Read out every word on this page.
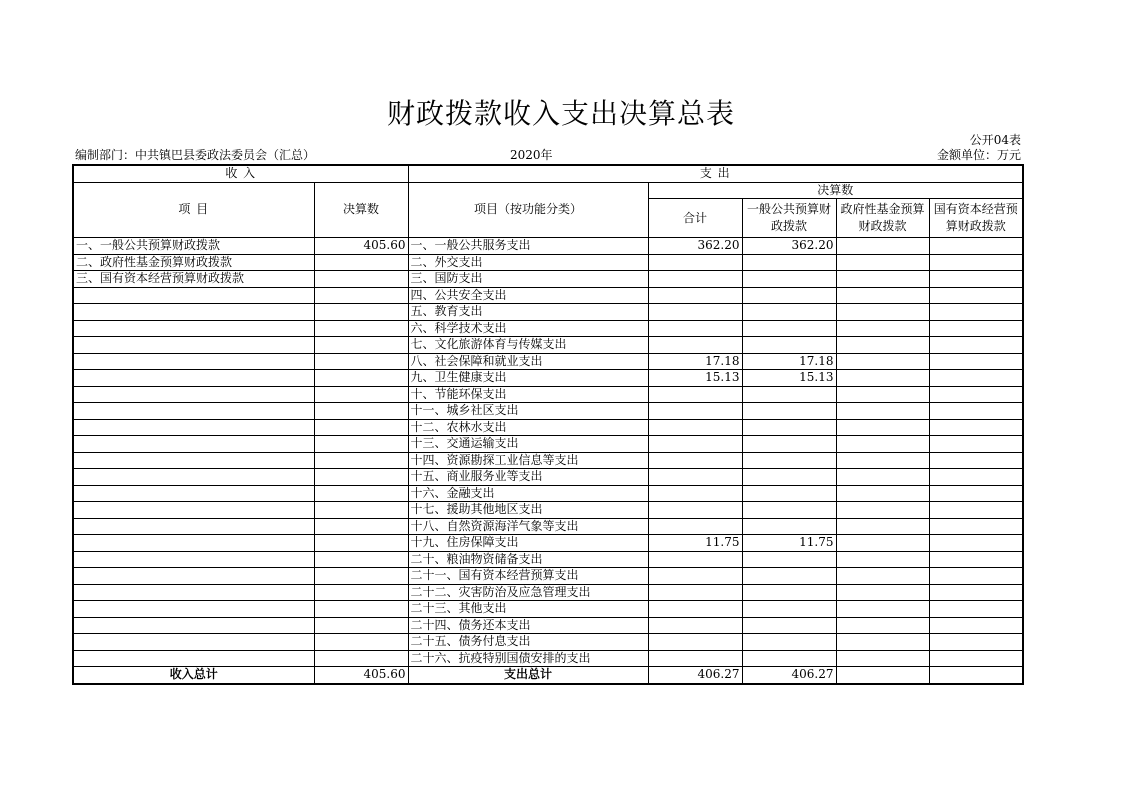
财政拨款收入支出决算总表
公开04表
编制部门：中共镇巴县委政法委员会（汇总）	2020年	金额单位：万元
收 入		支 出				
项 目	决算数	项目（按功能分类）	决算数			
			合计	一般公共预算财政拨款	政府性基金预算财政拨款	国有资本经营预算财政拨款
一、一般公共预算财政拨款	405.60	一、一般公共服务支出	362.20	362.20		
二、政府性基金预算财政拨款		二、外交支出				
三、国有资本经营预算财政拨款		三、国防支出				
		四、公共安全支出				
		五、教育支出				
		六、科学技术支出				
		七、文化旅游体育与传媒支出				
		八、社会保障和就业支出	17.18	17.18		
		九、卫生健康支出	15.13	15.13		
		十、节能环保支出				
		十一、城乡社区支出				
		十二、农林水支出				
		十三、交通运输支出				
		十四、资源勘探工业信息等支出				
		十五、商业服务业等支出				
		十六、金融支出				
		十七、援助其他地区支出				
		十八、自然资源海洋气象等支出				
		十九、住房保障支出	11.75	11.75		
		二十、粮油物资储备支出				
		二十一、国有资本经营预算支出				
		二十二、灾害防治及应急管理支出				
		二十三、其他支出				
		二十四、债务还本支出				
		二十五、债务付息支出				
		二十六、抗疫特别国债安排的支出				
收入总计	405.60	支出总计	406.27	406.27		
